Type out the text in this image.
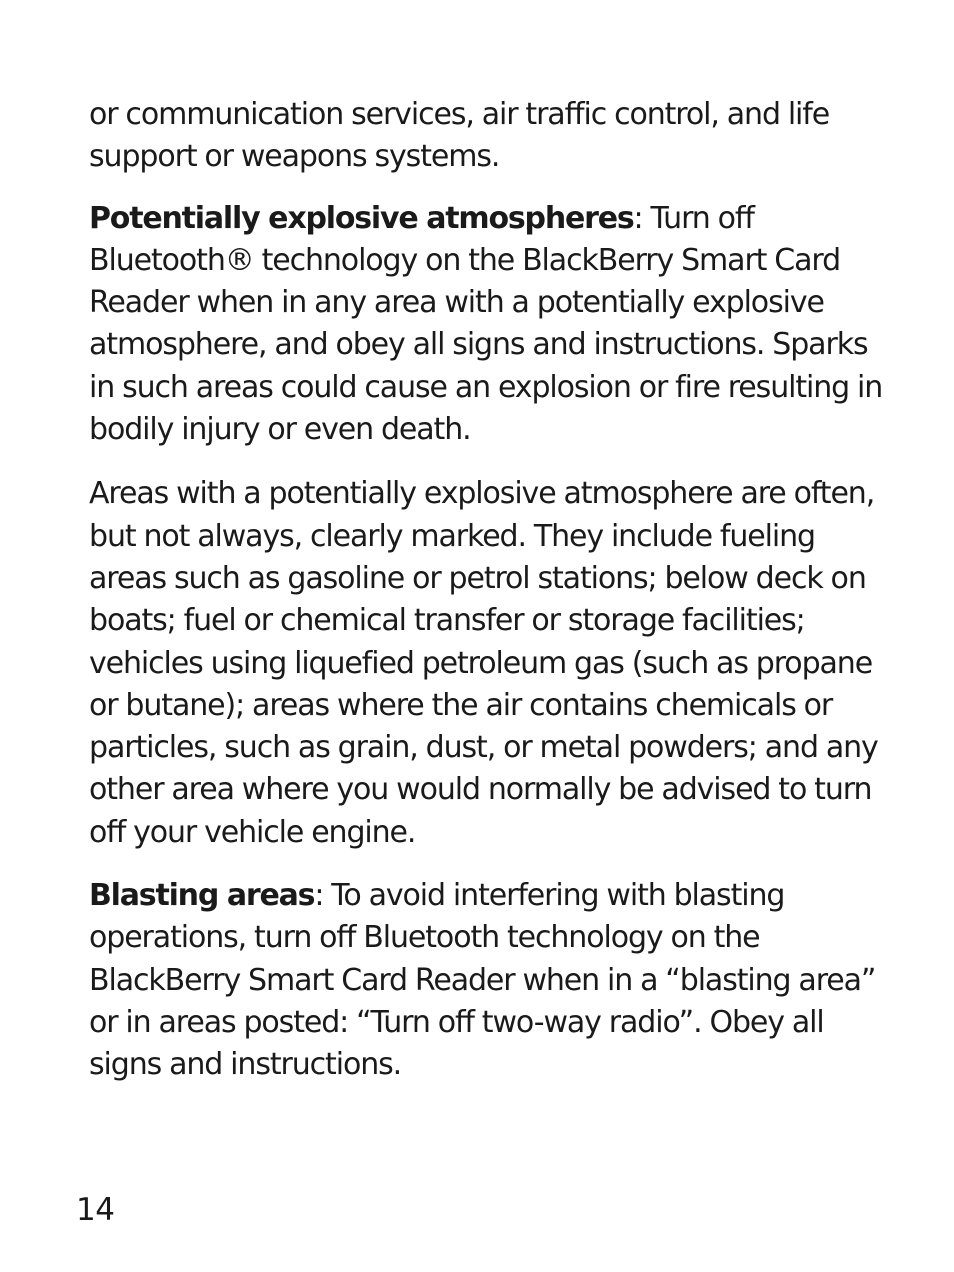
or communication services, air traffic control, and life support or weapons systems.

Potentially explosive atmospheres: Turn off Bluetooth® technology on the BlackBerry Smart Card Reader when in any area with a potentially explosive atmosphere, and obey all signs and instructions. Sparks in such areas could cause an explosion or fire resulting in bodily injury or even death.

Areas with a potentially explosive atmosphere are often, but not always, clearly marked. They include fueling areas such as gasoline or petrol stations; below deck on boats; fuel or chemical transfer or storage facilities; vehicles using liquefied petroleum gas (such as propane or butane); areas where the air contains chemicals or particles, such as grain, dust, or metal powders; and any other area where you would normally be advised to turn off your vehicle engine.

Blasting areas: To avoid interfering with blasting operations, turn off Bluetooth technology on the BlackBerry Smart Card Reader when in a “blasting area” or in areas posted: “Turn off two-way radio”. Obey all signs and instructions.

14
